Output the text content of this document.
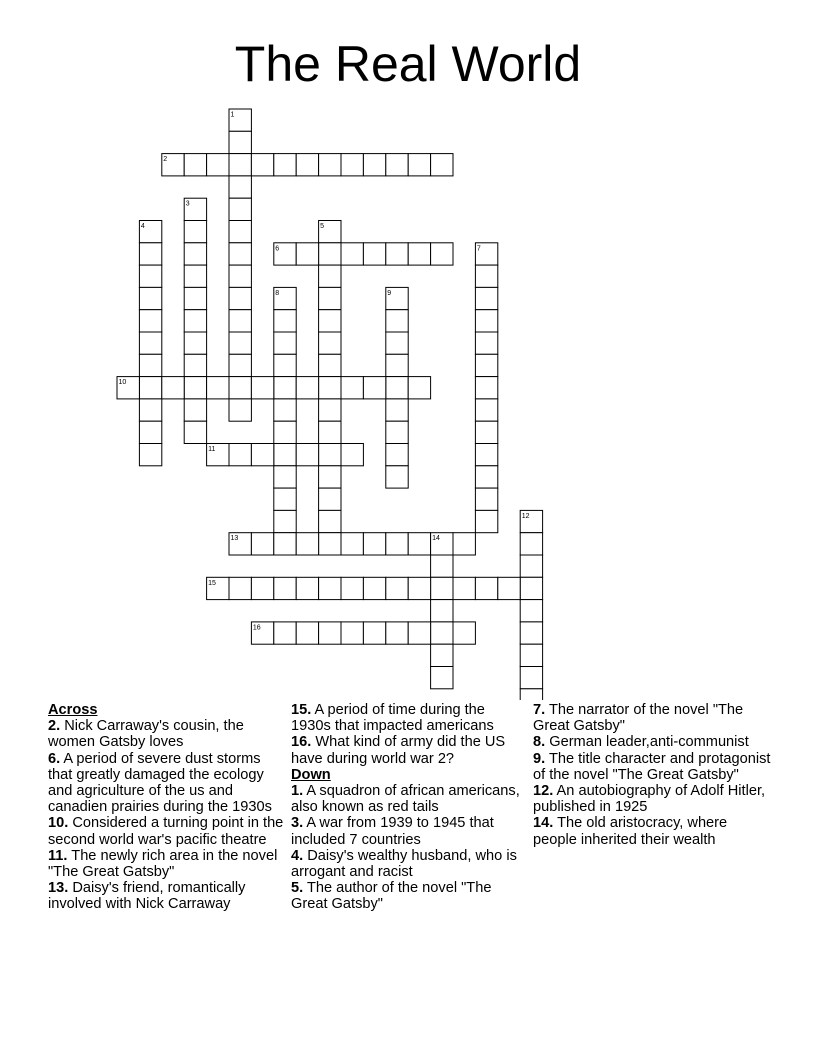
The Real World
1
2
3
4	5
6	7
8	9
10
11
12
13	14
15
16
Across
2. Nick Carraway's cousin, the women Gatsby loves
6. A period of severe dust storms that greatly damaged the ecology and agriculture of the us and canadien prairies during the 1930s
10. Considered a turning point in the second world war's pacific theatre
11. The newly rich area in the novel "The Great Gatsby"
13. Daisy's friend, romantically involved with Nick Carraway
15. A period of time during the 1930s that impacted americans
16. What kind of army did the US have during world war 2?
Down
1. A squadron of african americans, also known as red tails
3. A war from 1939 to 1945 that included 7 countries
4. Daisy's wealthy husband, who is arrogant and racist
5. The author of the novel "The Great Gatsby"
7. The narrator of the novel "The Great Gatsby"
8. German leader,anti-communist
9. The title character and protagonist of the novel "The Great Gatsby"
12. An autobiography of Adolf Hitler, published in 1925
14. The old aristocracy, where people inherited their wealth
